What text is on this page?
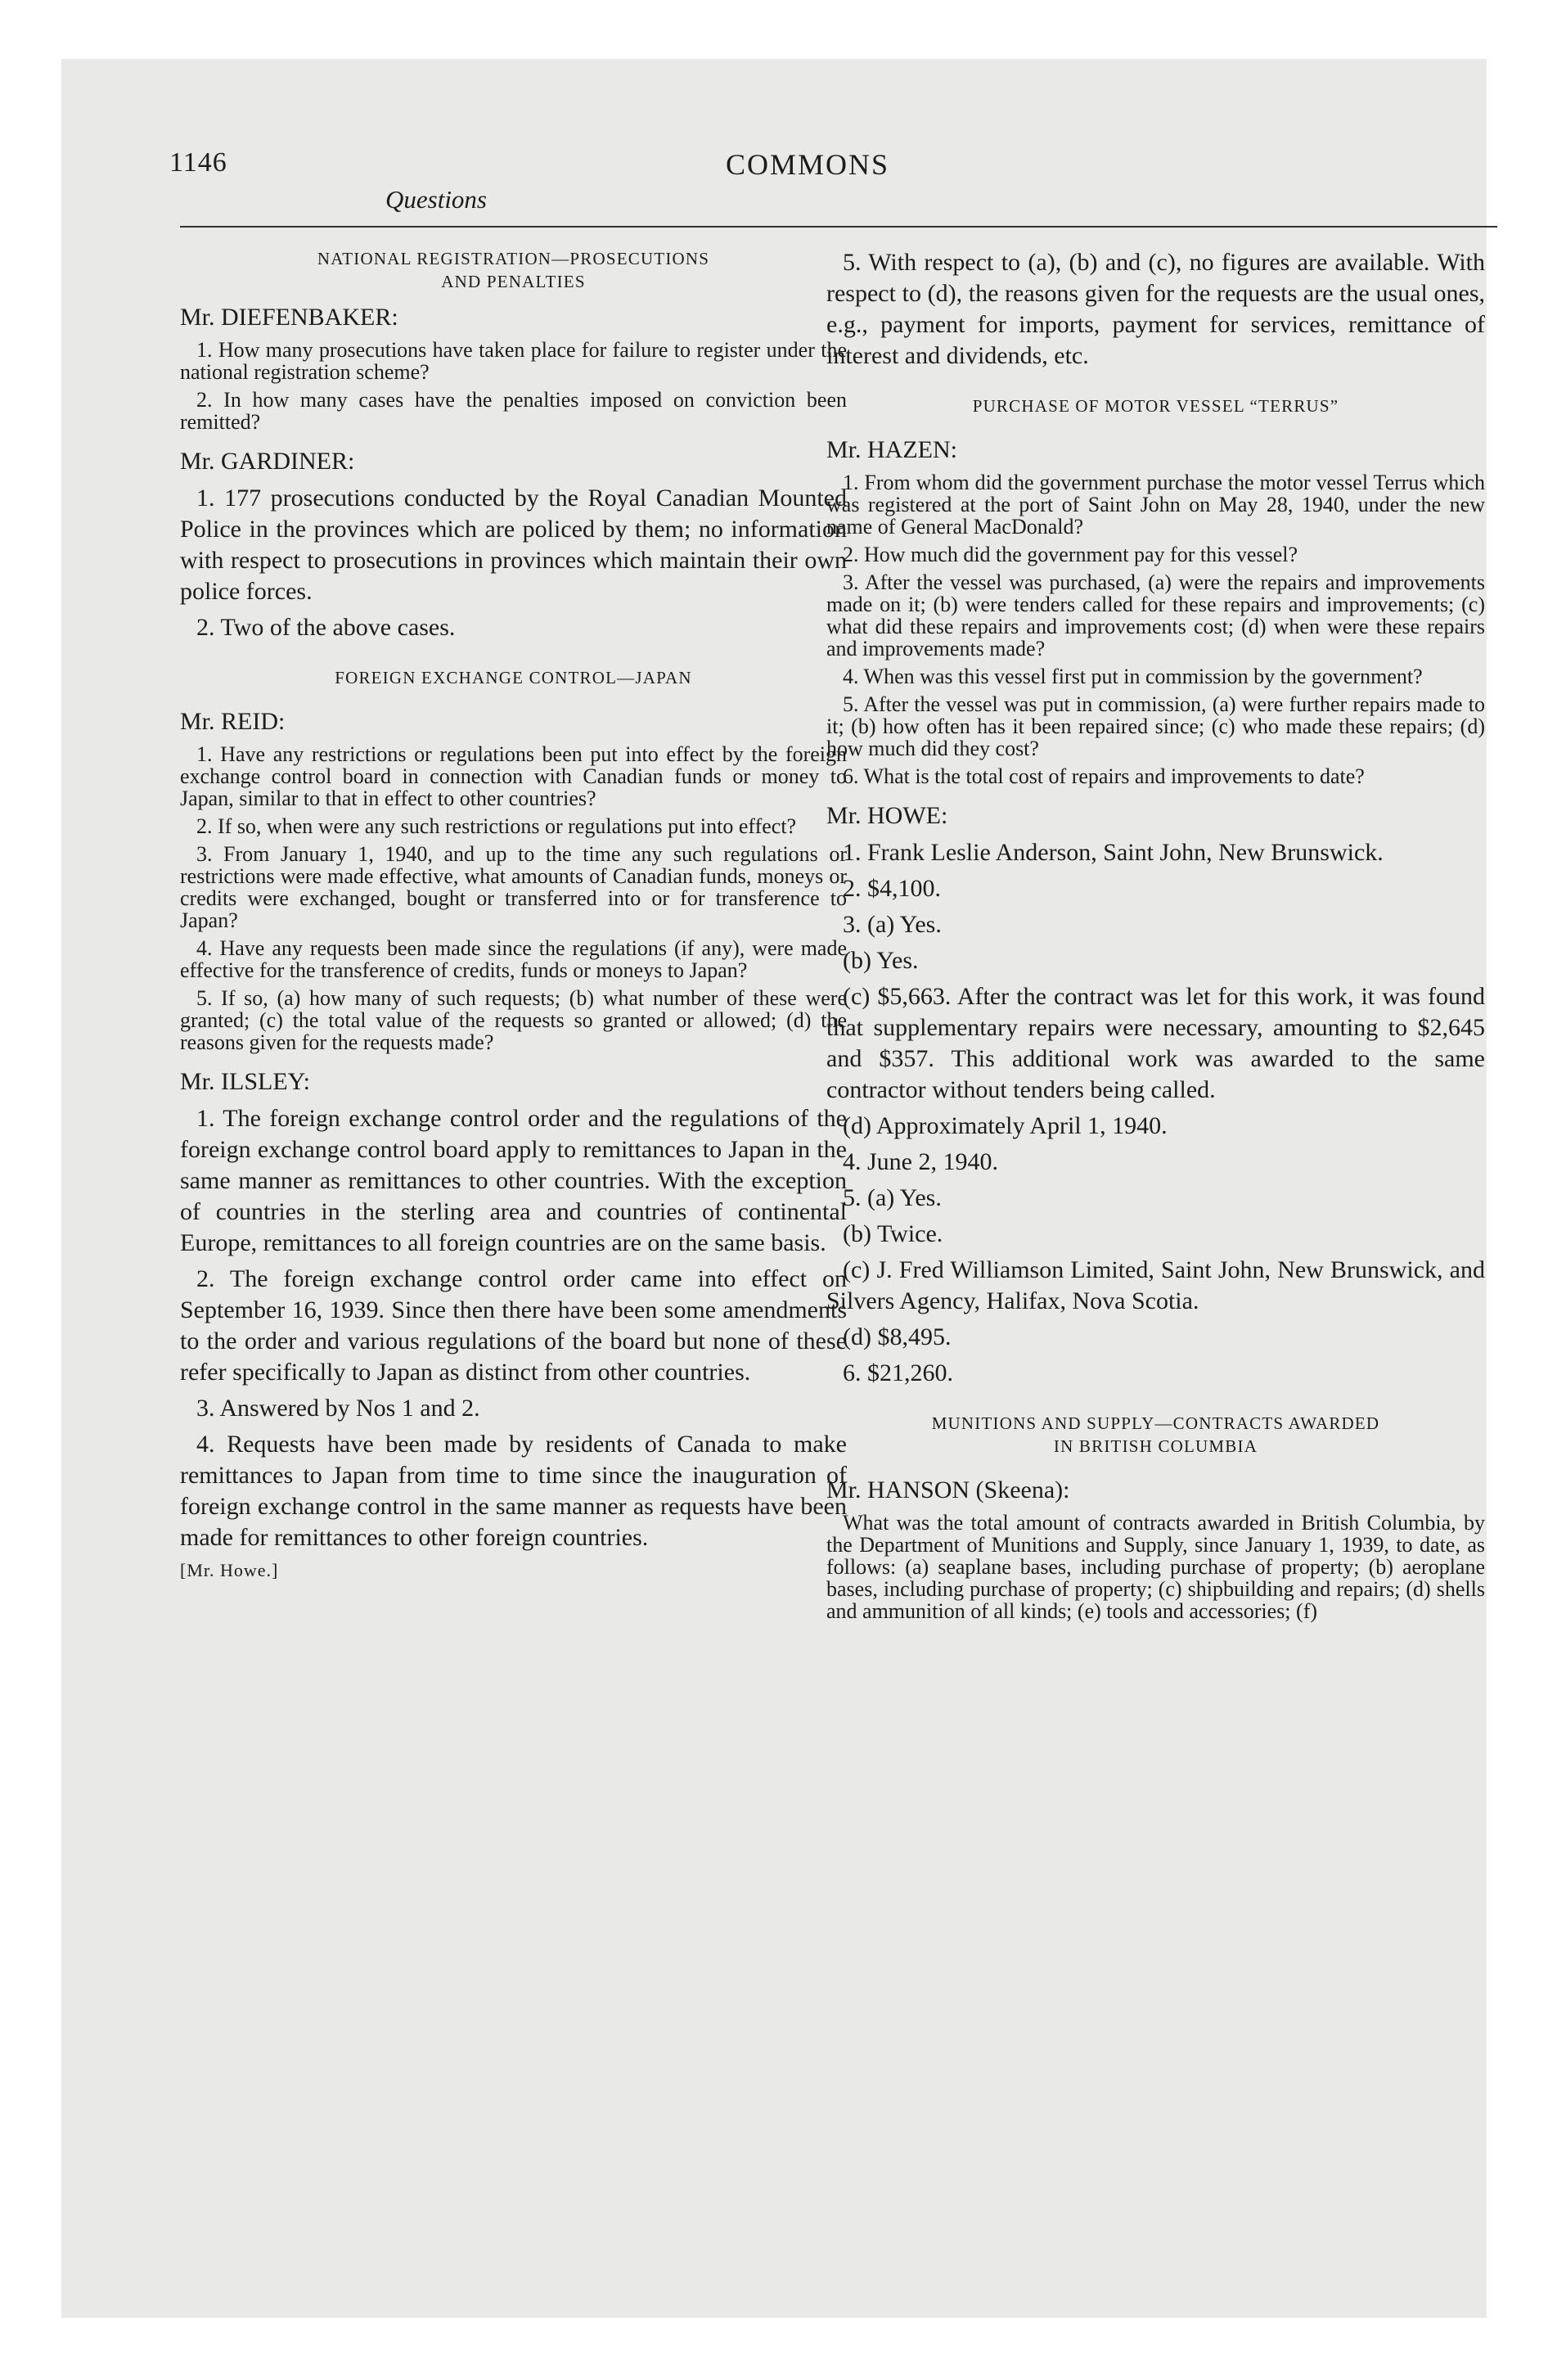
1146	COMMONS
Questions
NATIONAL REGISTRATION—PROSECUTIONS
AND PENALTIES
Mr. DIEFENBAKER:

1. How many prosecutions have taken place for failure to register under the national registration scheme?

2. In how many cases have the penalties imposed on conviction been remitted?

Mr. GARDINER:

1. 177 prosecutions conducted by the Royal Canadian Mounted Police in the provinces which are policed by them; no information with respect to prosecutions in provinces which maintain their own police forces.

2. Two of the above cases.

FOREIGN EXCHANGE CONTROL—JAPAN
Mr. REID:

1. Have any restrictions or regulations been put into effect by the foreign exchange control board in connection with Canadian funds or money to Japan, similar to that in effect to other countries?

2. If so, when were any such restrictions or regulations put into effect?

3. From January 1, 1940, and up to the time any such regulations or restrictions were made effective, what amounts of Canadian funds, moneys or credits were exchanged, bought or transferred into or for transference to Japan?

4. Have any requests been made since the regulations (if any), were made effective for the transference of credits, funds or moneys to Japan?

5. If so, (a) how many of such requests; (b) what number of these were granted; (c) the total value of the requests so granted or allowed; (d) the reasons given for the requests made?

Mr. ILSLEY:

1. The foreign exchange control order and the regulations of the foreign exchange control board apply to remittances to Japan in the same manner as remittances to other countries. With the exception of countries in the sterling area and countries of continental Europe, remittances to all foreign countries are on the same basis.

2. The foreign exchange control order came into effect on September 16, 1939. Since then there have been some amendments to the order and various regulations of the board but none of these refer specifically to Japan as distinct from other countries.

3. Answered by Nos 1 and 2.

4. Requests have been made by residents of Canada to make remittances to Japan from time to time since the inauguration of foreign exchange control in the same manner as requests have been made for remittances to other foreign countries.

[Mr. Howe.]

5. With respect to (a), (b) and (c), no figures are available. With respect to (d), the reasons given for the requests are the usual ones, e.g., payment for imports, payment for services, remittance of interest and dividends, etc.

PURCHASE OF MOTOR VESSEL “TERRUS”
Mr. HAZEN:

1. From whom did the government purchase the motor vessel Terrus which was registered at the port of Saint John on May 28, 1940, under the new name of General MacDonald?

2. How much did the government pay for this vessel?

3. After the vessel was purchased, (a) were the repairs and improvements made on it; (b) were tenders called for these repairs and improvements; (c) what did these repairs and improvements cost; (d) when were these repairs and improvements made?

4. When was this vessel first put in commission by the government?

5. After the vessel was put in commission, (a) were further repairs made to it; (b) how often has it been repaired since; (c) who made these repairs; (d) how much did they cost?

6. What is the total cost of repairs and improvements to date?

Mr. HOWE:

1. Frank Leslie Anderson, Saint John, New Brunswick.

2. $4,100.

3. (a) Yes.

(b) Yes.

(c) $5,663. After the contract was let for this work, it was found that supplementary repairs were necessary, amounting to $2,645 and $357. This additional work was awarded to the same contractor without tenders being called.

(d) Approximately April 1, 1940.

4. June 2, 1940.

5. (a) Yes.

(b) Twice.

(c) J. Fred Williamson Limited, Saint John, New Brunswick, and Silvers Agency, Halifax, Nova Scotia.

(d) $8,495.

6. $21,260.

MUNITIONS AND SUPPLY—CONTRACTS AWARDED
IN BRITISH COLUMBIA
Mr. HANSON (Skeena):

What was the total amount of contracts awarded in British Columbia, by the Department of Munitions and Supply, since January 1, 1939, to date, as follows: (a) seaplane bases, including purchase of property; (b) aeroplane bases, including purchase of property; (c) shipbuilding and repairs; (d) shells and ammunition of all kinds; (e) tools and accessories; (f)
